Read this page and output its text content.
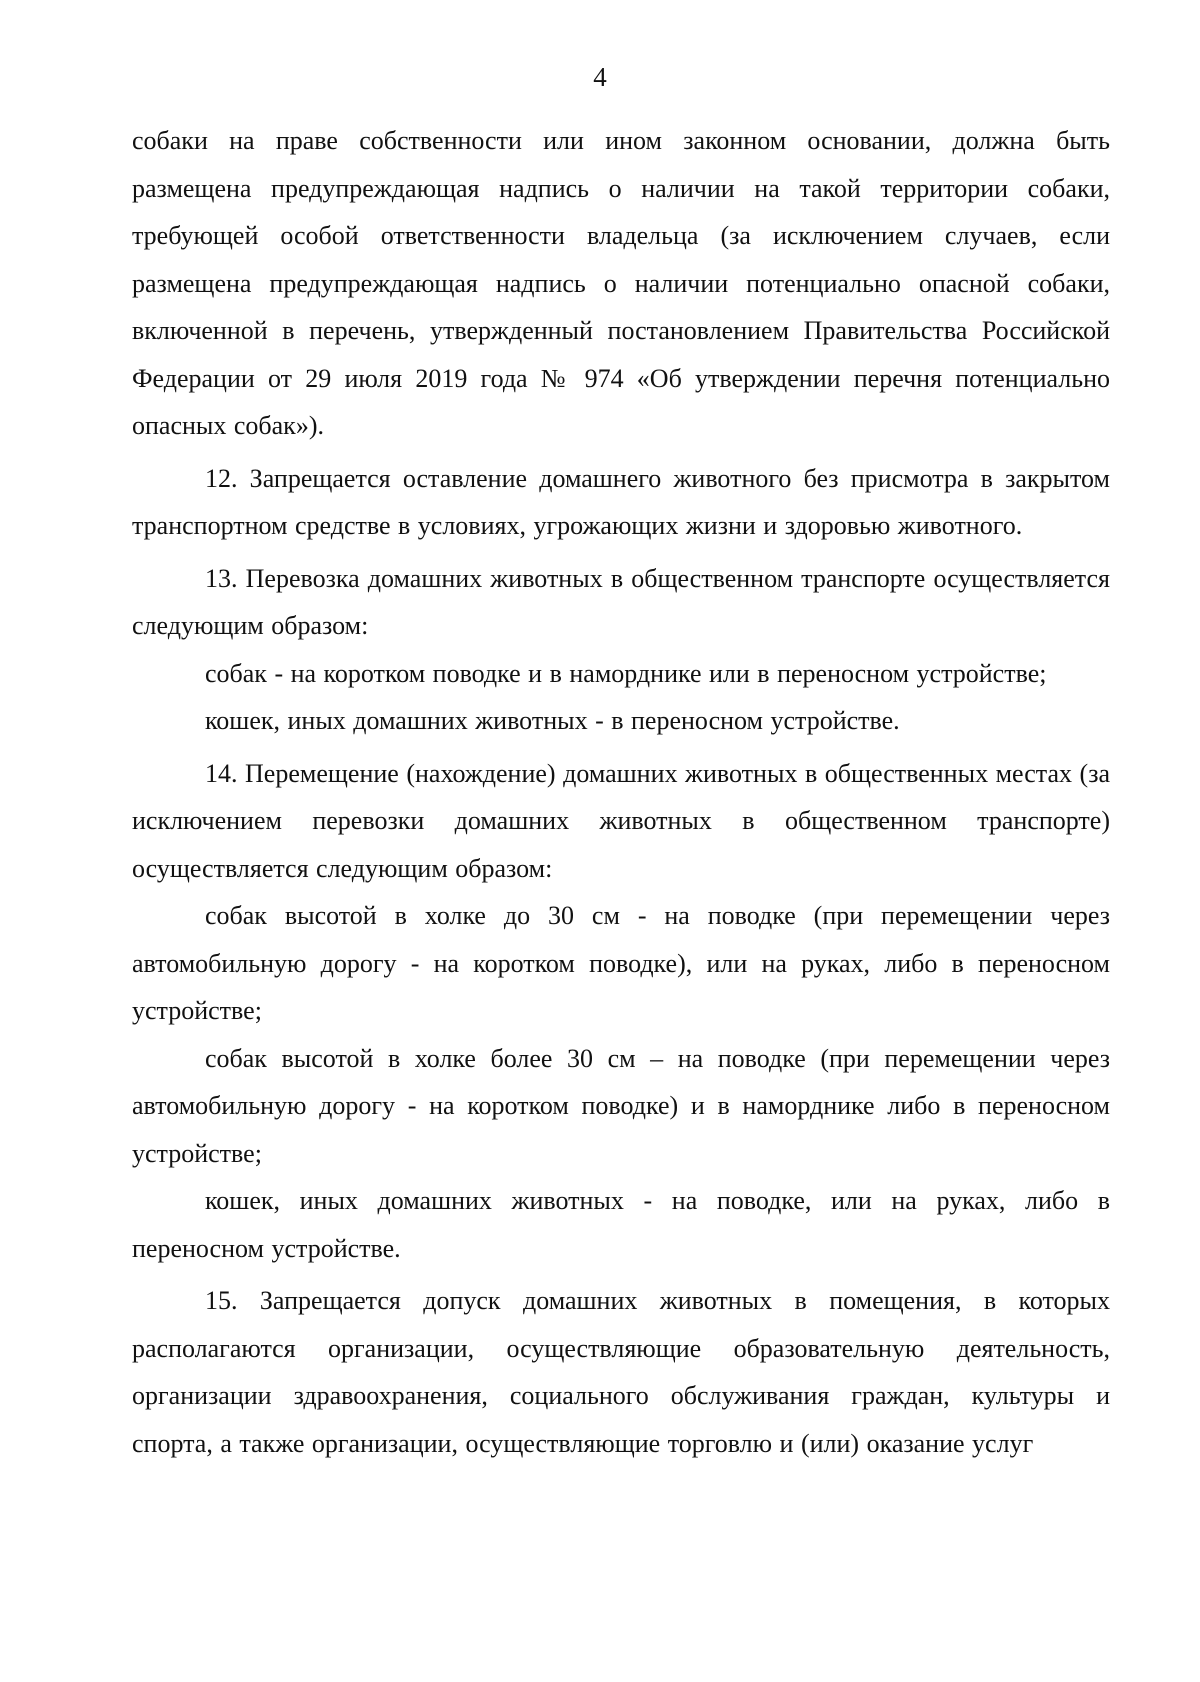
4

собаки на праве собственности или ином законном основании, должна быть размещена предупреждающая надпись о наличии на такой территории собаки, требующей особой ответственности владельца (за исключением случаев, если размещена предупреждающая надпись о наличии потенциально опасной собаки, включенной в перечень, утвержденный постановлением Правительства Российской Федерации от 29 июля 2019 года № 974 «Об утверждении перечня потенциально опасных собак»).

12. Запрещается оставление домашнего животного без присмотра в закрытом транспортном средстве в условиях, угрожающих жизни и здоровью животного.

13. Перевозка домашних животных в общественном транспорте осуществляется следующим образом:

собак - на коротком поводке и в наморднике или в переносном устройстве;

кошек, иных домашних животных - в переносном устройстве.

14. Перемещение (нахождение) домашних животных в общественных местах (за исключением перевозки домашних животных в общественном транспорте) осуществляется следующим образом:

собак высотой в холке до 30 см - на поводке (при перемещении через автомобильную дорогу - на коротком поводке), или на руках, либо в переносном устройстве;

собак высотой в холке более 30 см – на поводке (при перемещении через автомобильную дорогу - на коротком поводке) и в наморднике либо в переносном устройстве;

кошек, иных домашних животных - на поводке, или на руках, либо в переносном устройстве.

15. Запрещается допуск домашних животных в помещения, в которых располагаются организации, осуществляющие образовательную деятельность, организации здравоохранения, социального обслуживания граждан, культуры и спорта, а также организации, осуществляющие торговлю и (или) оказание услуг
